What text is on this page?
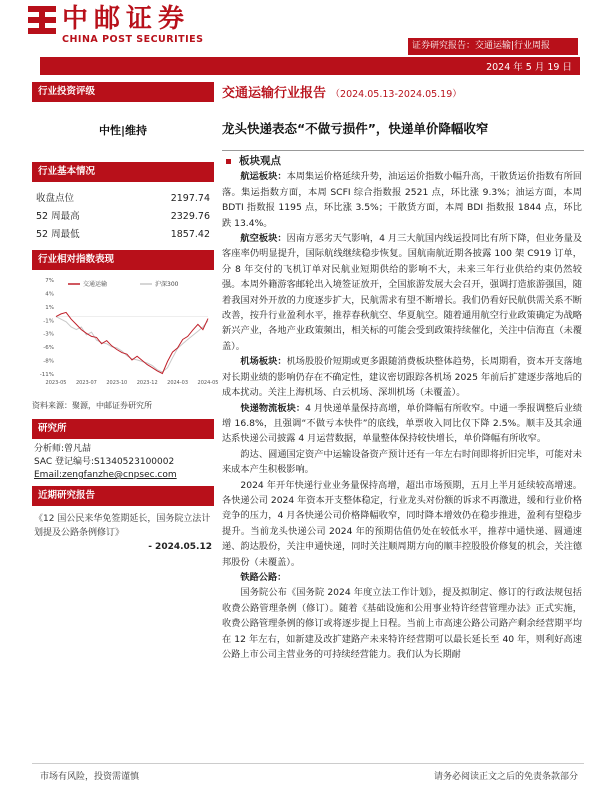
中邮证券
CHINA POST SECURITIES
证券研究报告：交通运输|行业周报
2024 年 5 月 19 日
行业投资评级
中性|维持
行业基本情况
收盘点位	2197.74
52 周最高	2329.76
52 周最低	1857.42
行业相对指数表现
7%
4%
1%
-1%
-3%
-6%
-8%
-11%
2023-05 2023-07 2023-10 2023-12 2024-03 2024-05
交通运输	沪深300
资料来源：聚源，中邮证券研究所
研究所
分析师:曾凡喆
SAC 登记编号:S1340523100002
Email:zengfanzhe@cnpsec.com
近期研究报告
《12 国公民来华免签期延长，国务院立法计划提及公路条例修订》
- 2024.05.12
交通运输行业报告 （2024.05.13-2024.05.19）
龙头快递表态“不做亏损件”，快递单价降幅收窄
板块观点

航运板块：本周集运价格延续升势，油运运价指数小幅升高，干散货运价指数有所回落。集运指数方面，本周 SCFI 综合指数报 2521 点，环比涨 9.3%；油运方面，本周 BDTI 指数报 1195 点，环比涨 3.5%；干散货方面，本周 BDI 指数报 1844 点，环比跌 13.4%。

航空板块：因南方恶劣天气影响，4 月三大航国内线运投同比有所下降，但业务量及客座率仍明显提升，国际航线继续稳步恢复。国航南航近期各披露 100 架 C919 订单，分 8 年交付的飞机订单对民航业短期供给的影响不大，未来三年行业供给约束仍然较强。本周外籍游客邮轮出入境签证放开，全国旅游发展大会召开，强调打造旅游强国，随着我国对外开放的力度逐步扩大，民航需求有望不断增长。我们仍看好民航供需关系不断改善，按升行业盈利水平，推荐春秋航空、华夏航空。随着通用航空行业政策确定为战略新兴产业，各地产业政策频出，相关标的可能会受到政策持续催化，关注中信海直（未覆盖）。

机场板块：机场股股价短期或更多跟随消费板块整体趋势，长周期看，资本开支落地对长期业绩的影响仍存在不确定性，建议密切跟踪各机场 2025 年前后扩建逐步落地后的成本扰动。关注上海机场、白云机场、深圳机场（未覆盖）。

快递物流板块：4 月快递单量保持高增，单价降幅有所收窄。中通一季报调整后业绩增 16.8%，且强调“不做亏本快件”的底线，单票收入同比仅下降 2.5%。顺丰及其余通达系快递公司披露 4 月运营数据，单量整体保持较快增长，单价降幅有所收窄。

韵达、圆通国定资产中运输设备资产预计还有一年左右时间即将折旧完毕，可能对未来成本产生积极影响。

2024 年开年快递行业业务量保持高增，超出市场预期，五月上半月延续较高增速。各快递公司 2024 年资本开支整体稳定，行业龙头对份额的诉求不再激进，缓和行业价格竞争的压力，4 月各快递公司价格降幅收窄，同时降本增效仍在稳步推进，盈利有望稳步提升。当前龙头快递公司 2024 年的预期估值仍处在较低水平，推荐中通快递、圆通速递、韵达股份，关注申通快递，同时关注顺周期方向的顺丰控股股价修复的机会，关注德邦股份（未覆盖）。

铁路公路：

国务院公布《国务院 2024 年度立法工作计划》，提及拟制定、修订的行政法规包括收费公路管理条例（修订）。随着《基础设施和公用事业特许经营管理办法》正式实施，收费公路管理条例的修订或将逐步提上日程。当前上市高速公路公司路产剩余经营期平均在 12 年左右，如新建及改扩建路产未来特许经营期可以最长延长至 40 年，则利好高速公路上市公司主营业务的可持续经营能力。我们认为长期耐

市场有风险，投资需谨慎	请务必阅读正文之后的免责条款部分
